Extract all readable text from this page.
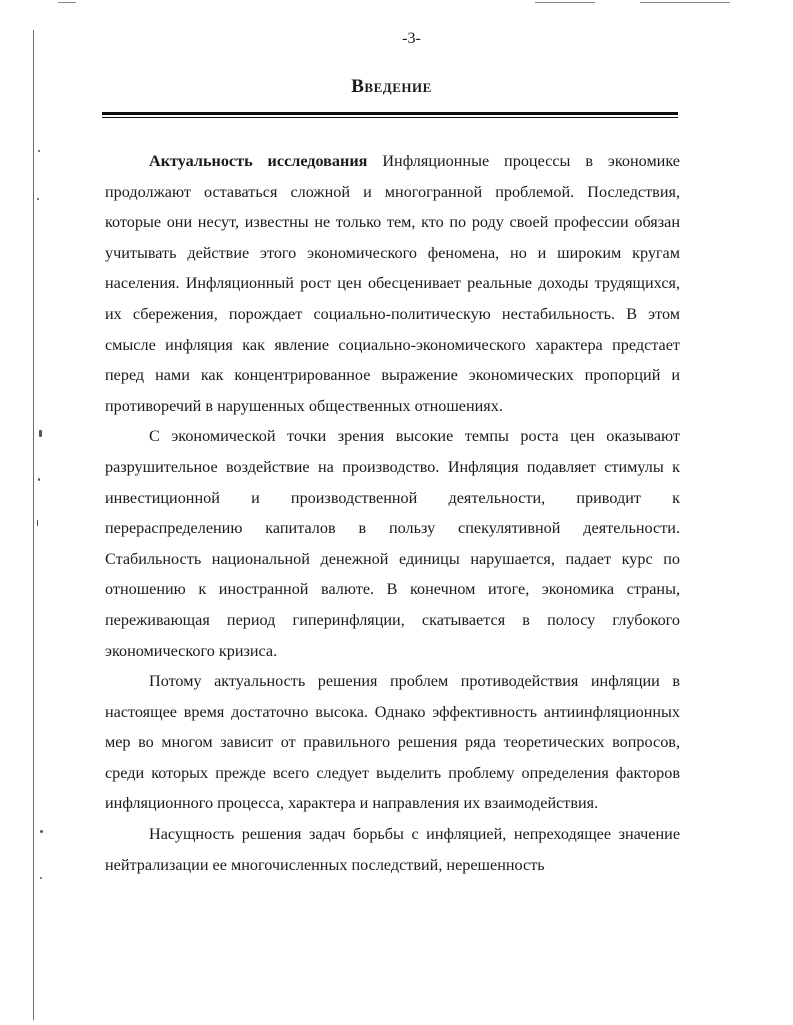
-3-
Введение

Актуальность исследования Инфляционные процессы в экономике продолжают оставаться сложной и многогранной проблемой. Последствия, которые они несут, известны не только тем, кто по роду своей профессии обязан учитывать действие этого экономического феномена, но и широким кругам населения. Инфляционный рост цен обесценивает реальные доходы трудящихся, их сбережения, порождает социально-политическую нестабильность. В этом смысле инфляция как явление социально-экономического характера предстает перед нами как концентрированное выражение экономических пропорций и противоречий в нарушенных общественных отношениях.

С экономической точки зрения высокие темпы роста цен оказывают разрушительное воздействие на производство. Инфляция подавляет стимулы к инвестиционной и производственной деятельности, приводит к перераспределению капиталов в пользу спекулятивной деятельности. Стабильность национальной денежной единицы нарушается, падает курс по отношению к иностранной валюте. В конечном итоге, экономика страны, переживающая период гиперинфляции, скатывается в полосу глубокого экономического кризиса.

Потому актуальность решения проблем противодействия инфляции в настоящее время достаточно высока. Однако эффективность антиинфляционных мер во многом зависит от правильного решения ряда теоретических вопросов, среди которых прежде всего следует выделить проблему определения факторов инфляционного процесса, характера и направления их взаимодействия.

Насущность решения задач борьбы с инфляцией, непреходящее значение нейтрализации ее многочисленных последствий, нерешенность
